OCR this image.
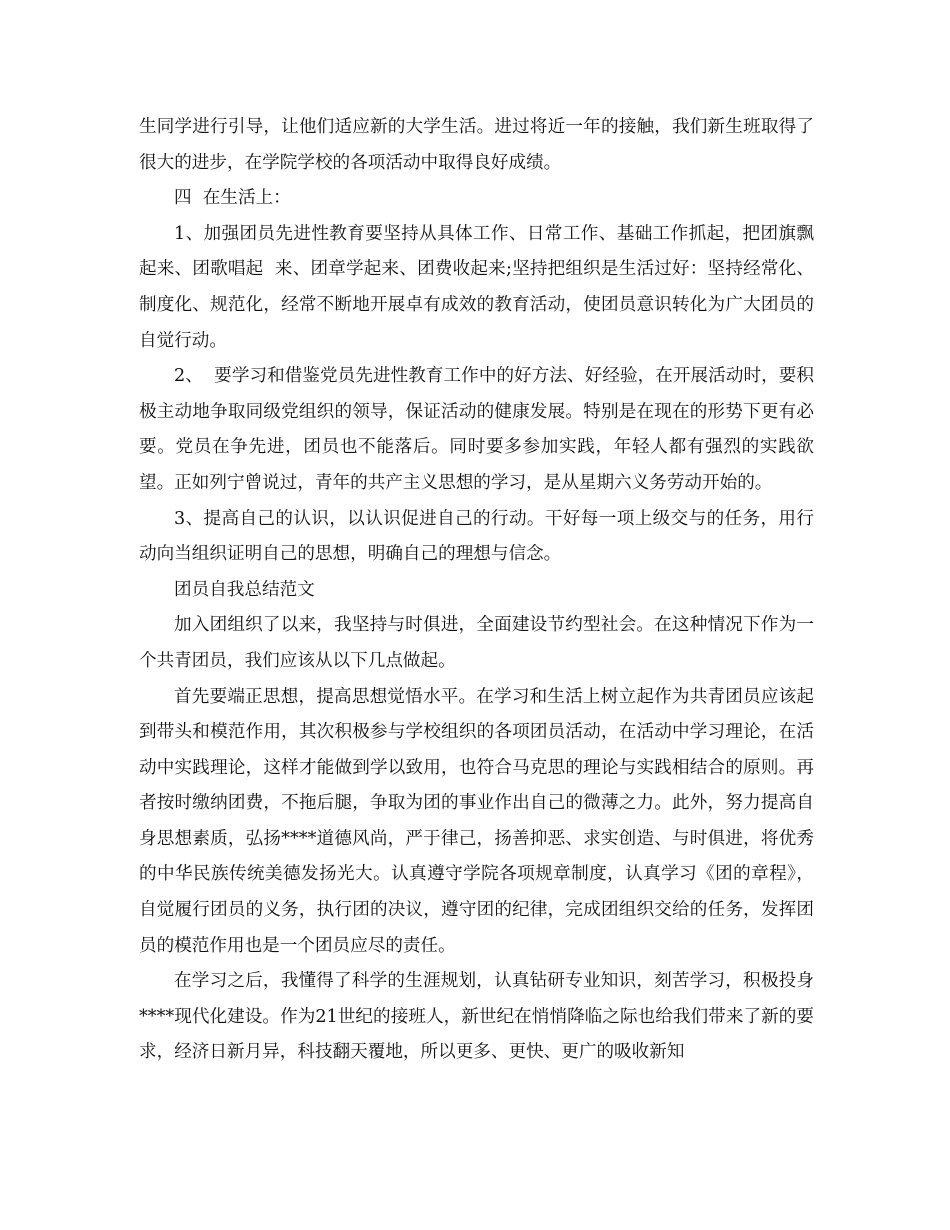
生同学进行引导，让他们适应新的大学生活。进过将近一年的接触，我们新生班取得了很大的进步，在学院学校的各项活动中取得良好成绩。

四  在生活上：

1、加强团员先进性教育要坚持从具体工作、日常工作、基础工作抓起，把团旗飘起来、团歌唱起  来、团章学起来、团费收起来;坚持把组织是生活过好：坚持经常化、制度化、规范化，经常不断地开展卓有成效的教育活动，使团员意识转化为广大团员的自觉行动。

2、  要学习和借鉴党员先进性教育工作中的好方法、好经验，在开展活动时，要积极主动地争取同级党组织的领导，保证活动的健康发展。特别是在现在的形势下更有必要。党员在争先进，团员也不能落后。同时要多参加实践，年轻人都有强烈的实践欲望。正如列宁曾说过，青年的共产主义思想的学习，是从星期六义务劳动开始的。

3、提高自己的认识，以认识促进自己的行动。干好每一项上级交与的任务，用行动向当组织证明自己的思想，明确自己的理想与信念。

团员自我总结范文

加入团组织了以来，我坚持与时俱进，全面建设节约型社会。在这种情况下作为一个共青团员，我们应该从以下几点做起。

首先要端正思想，提高思想觉悟水平。在学习和生活上树立起作为共青团员应该起到带头和模范作用，其次积极参与学校组织的各项团员活动，在活动中学习理论，在活动中实践理论，这样才能做到学以致用，也符合马克思的理论与实践相结合的原则。再者按时缴纳团费，不拖后腿，争取为团的事业作出自己的微薄之力。此外，努力提高自身思想素质，弘扬****道德风尚，严于律己，扬善抑恶、求实创造、与时俱进，将优秀的中华民族传统美德发扬光大。认真遵守学院各项规章制度，认真学习《团的章程》，自觉履行团员的义务，执行团的决议，遵守团的纪律，完成团组织交给的任务，发挥团员的模范作用也是一个团员应尽的责任。

在学习之后，我懂得了科学的生涯规划，认真钻研专业知识，刻苦学习，积极投身****现代化建设。作为21世纪的接班人，新世纪在悄悄降临之际也给我们带来了新的要求，经济日新月异，科技翻天覆地，所以更多、更快、更广的吸收新知
